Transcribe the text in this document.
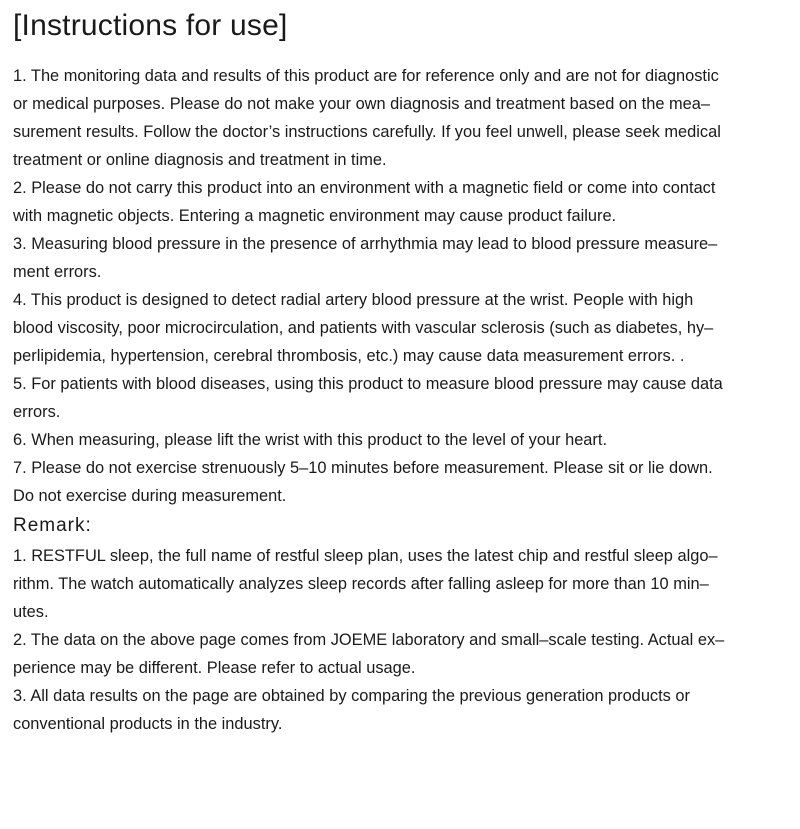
[Instructions for use]

1. The monitoring data and results of this product are for reference only and are not for diagnostic

or medical purposes. Please do not make your own diagnosis and treatment based on the mea–

surement results. Follow the doctor’s instructions carefully. If you feel unwell, please seek medical

treatment or online diagnosis and treatment in time.

2. Please do not carry this product into an environment with a magnetic field or come into contact

with magnetic objects. Entering a magnetic environment may cause product failure.

3. Measuring blood pressure in the presence of arrhythmia may lead to blood pressure measure–

ment errors.

4. This product is designed to detect radial artery blood pressure at the wrist. People with high

blood viscosity, poor microcirculation, and patients with vascular sclerosis (such as diabetes, hy–

perlipidemia, hypertension, cerebral thrombosis, etc.) may cause data measurement errors. .

5. For patients with blood diseases, using this product to measure blood pressure may cause data

errors.

6. When measuring, please lift the wrist with this product to the level of your heart.

7. Please do not exercise strenuously 5–10 minutes before measurement. Please sit or lie down.

Do not exercise during measurement.

Remark:

1. RESTFUL sleep, the full name of restful sleep plan, uses the latest chip and restful sleep algo–

rithm. The watch automatically analyzes sleep records after falling asleep for more than 10 min–

utes.

2. The data on the above page comes from JOEME laboratory and small–scale testing. Actual ex–

perience may be different. Please refer to actual usage.

3. All data results on the page are obtained by comparing the previous generation products or

conventional products in the industry.
